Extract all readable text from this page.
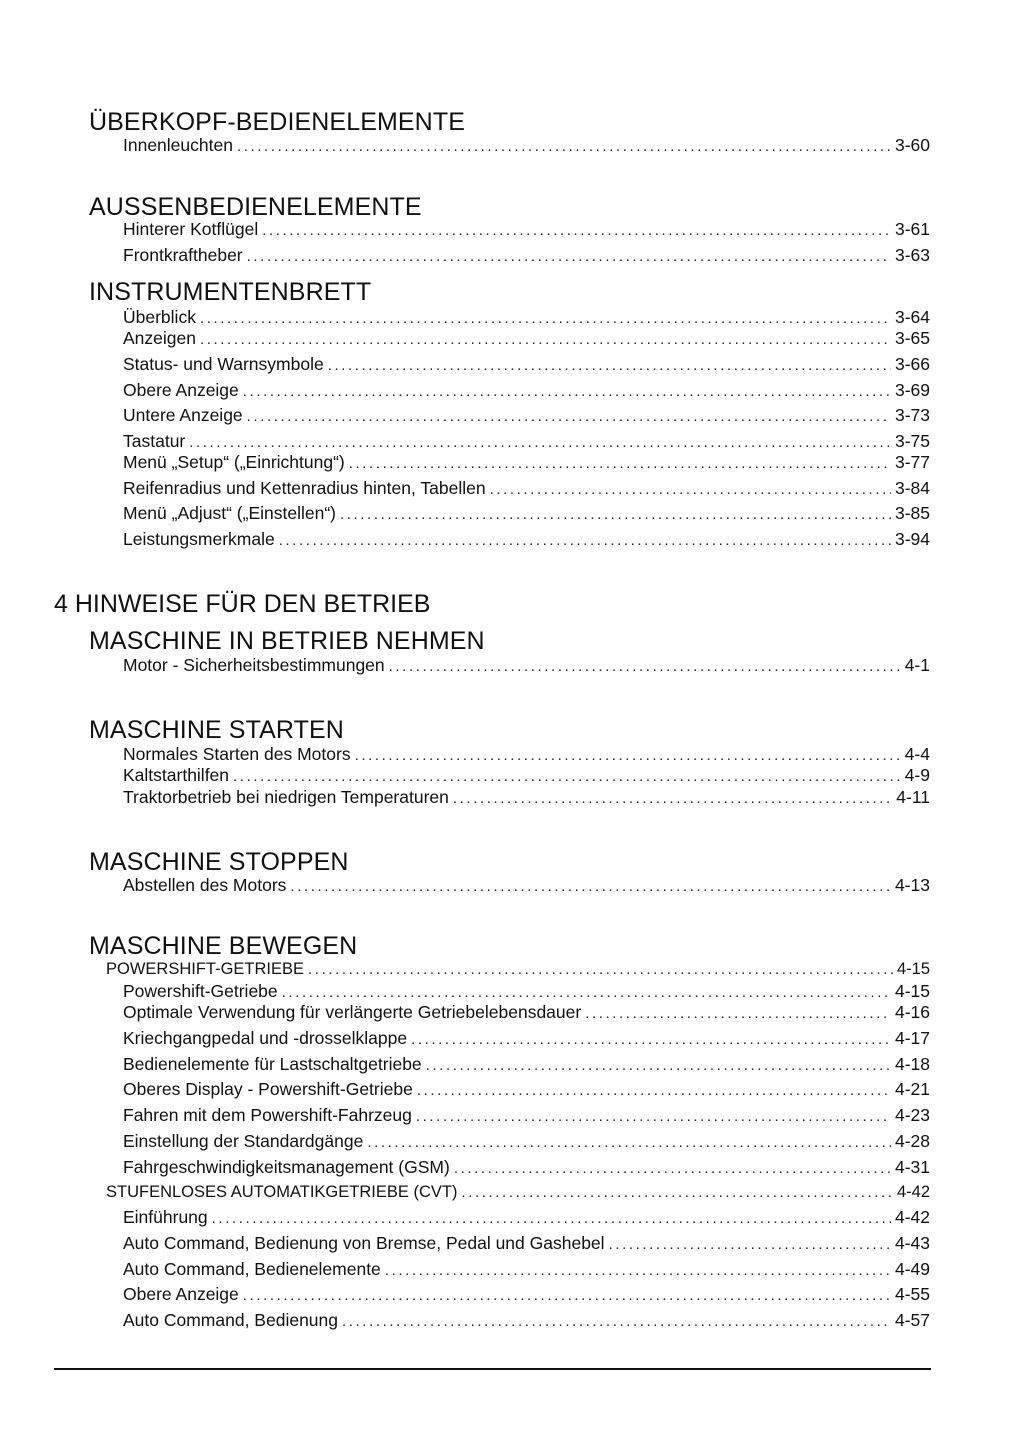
ÜBERKOPF-BEDIENELEMENTE
Innenleuchten .....	3-60
AUSSENBEDIENELEMENTE
Hinterer Kotflügel .....	3-61
Frontkraftheber .....	3-63
INSTRUMENTENBRETT
Überblick .....	3-64
Anzeigen .....	3-65
Status- und Warnsymbole .....	3-66
Obere Anzeige .....	3-69
Untere Anzeige .....	3-73
Tastatur .....	3-75
Menü „Setup“ („Einrichtung“) .....	3-77
Reifenradius und Kettenradius hinten, Tabellen .....	3-84
Menü „Adjust“ („Einstellen“) .....	3-85
Leistungsmerkmale .....	3-94
4 HINWEISE FÜR DEN BETRIEB
MASCHINE IN BETRIEB NEHMEN
Motor - Sicherheitsbestimmungen .....	4-1
MASCHINE STARTEN
Normales Starten des Motors .....	4-4
Kaltstarthilfen .....	4-9
Traktorbetrieb bei niedrigen Temperaturen .....	4-11
MASCHINE STOPPEN
Abstellen des Motors .....	4-13
MASCHINE BEWEGEN
POWERSHIFT-GETRIEBE .....	4-15
Powershift-Getriebe .....	4-15
Optimale Verwendung für verlängerte Getriebelebensdauer .....	4-16
Kriechgangpedal und -drosselklappe .....	4-17
Bedienelemente für Lastschaltgetriebe .....	4-18
Oberes Display - Powershift-Getriebe .....	4-21
Fahren mit dem Powershift-Fahrzeug .....	4-23
Einstellung der Standardgänge .....	4-28
Fahrgeschwindigkeitsmanagement (GSM) .....	4-31
STUFENLOSES AUTOMATIKGETRIEBE (CVT) .....	4-42
Einführung .....	4-42
Auto Command, Bedienung von Bremse, Pedal und Gashebel .....	4-43
Auto Command, Bedienelemente .....	4-49
Obere Anzeige .....	4-55
Auto Command, Bedienung .....	4-57
